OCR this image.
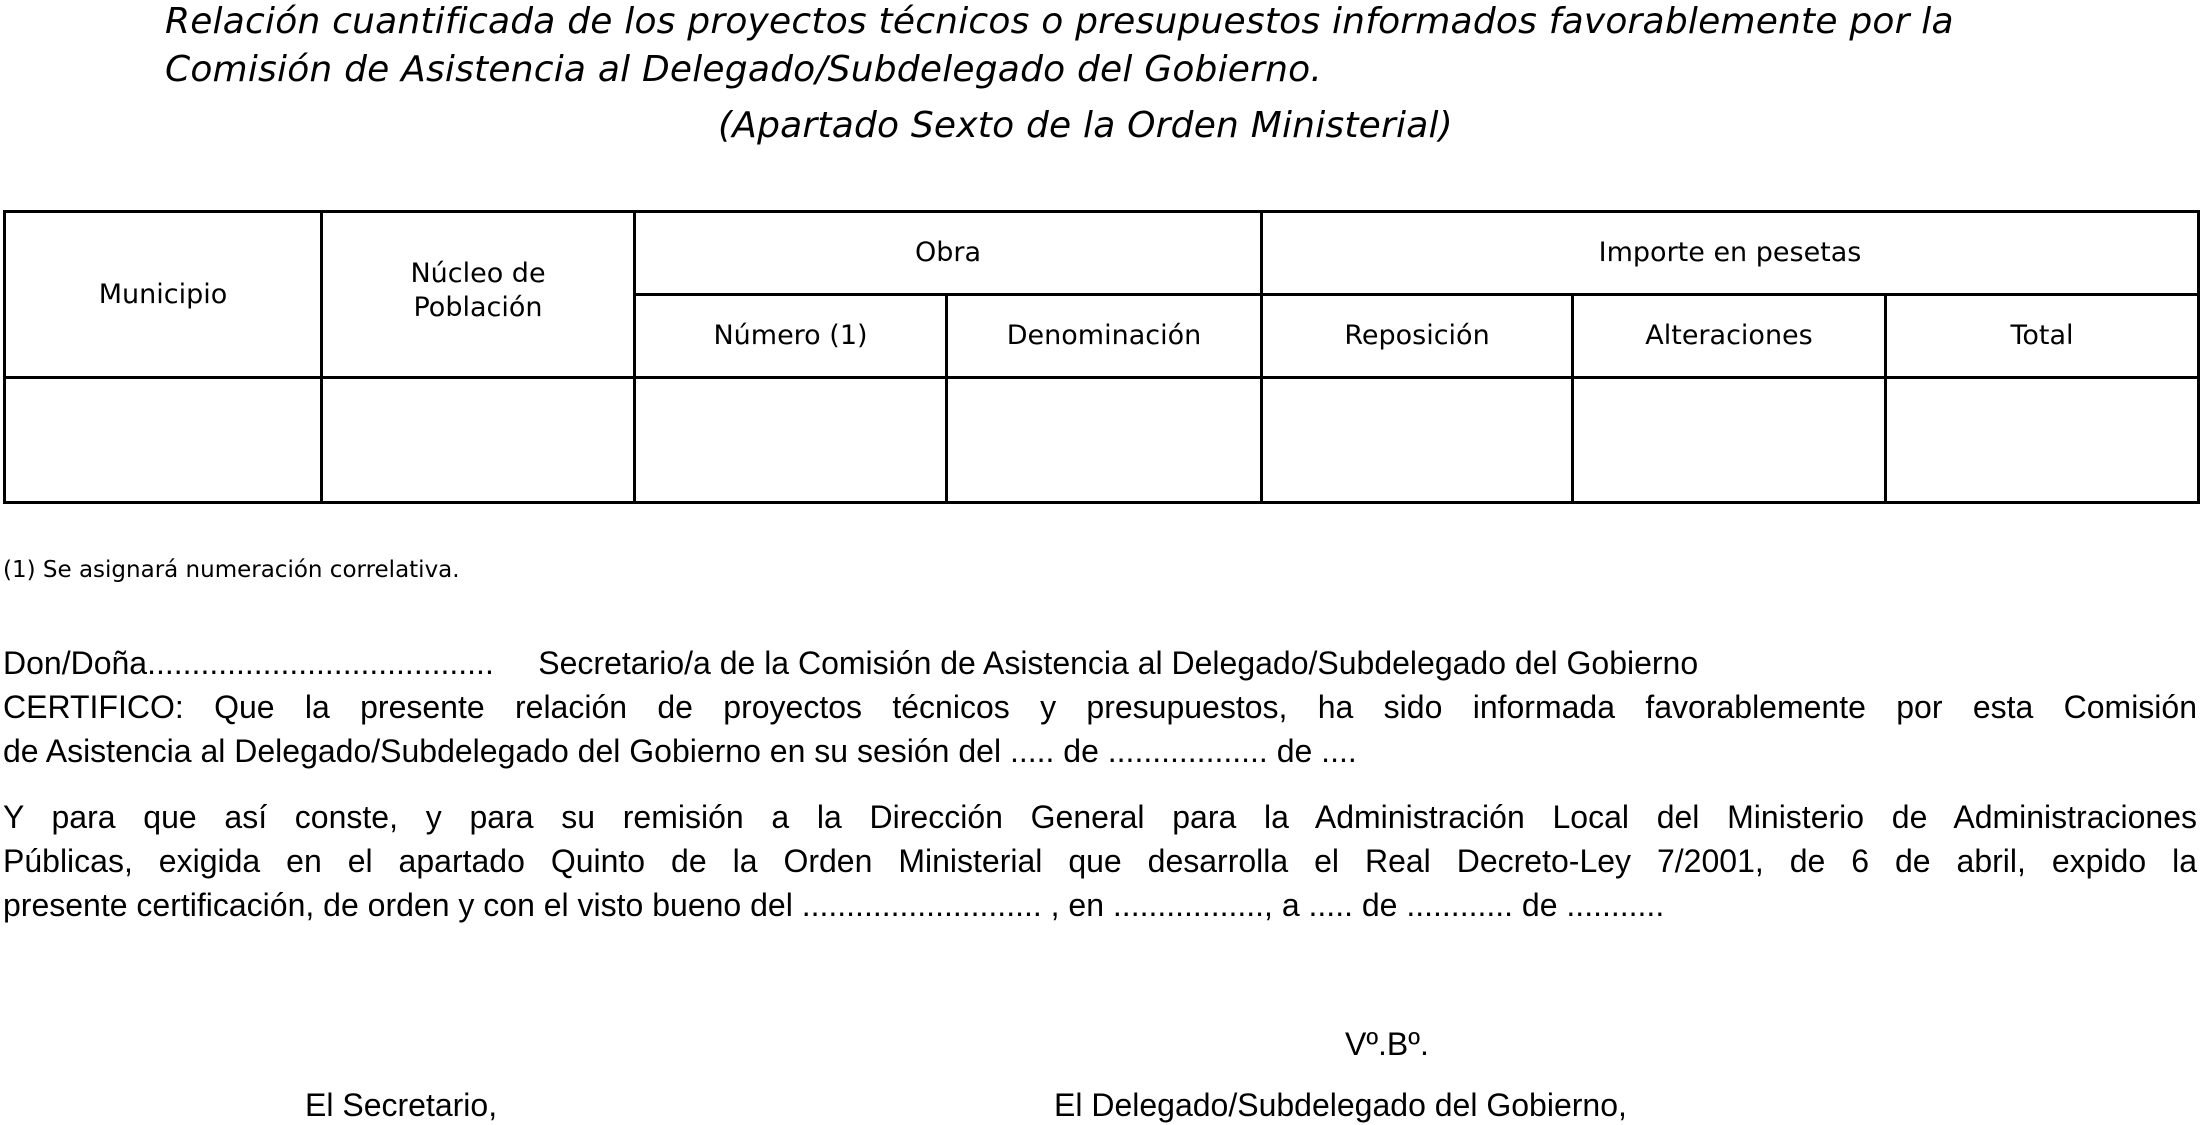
Relación cuantificada de los proyectos técnicos o presupuestos informados favorablemente por la
Comisión de Asistencia al Delegado/Subdelegado del Gobierno.
(Apartado Sexto de la Orden Ministerial)
Municipio	Núcleo de Población	Obra		Importe en pesetas		
		Número (1)	Denominación	Reposición	Alteraciones	Total

(1) Se asignará numeración correlativa.
Don/Doña.......................................     Secretario/a de la Comisión de Asistencia al Delegado/Subdelegado del Gobierno
CERTIFICO: Que la presente relación de proyectos técnicos y presupuestos, ha sido informada favorablemente por esta Comisión
de Asistencia al Delegado/Subdelegado del Gobierno en su sesión del ..... de .................. de ....
Y para que así conste, y para su remisión a la Dirección General para la Administración Local del Ministerio de Administraciones
Públicas, exigida en el apartado Quinto de la Orden Ministerial que desarrolla el Real Decreto-Ley 7/2001, de 6 de abril, expido la
presente certificación, de orden y con el visto bueno del ........................... , en ................., a ..... de ............ de ...........
Vº.Bº.
El Secretario,	El Delegado/Subdelegado del Gobierno,
